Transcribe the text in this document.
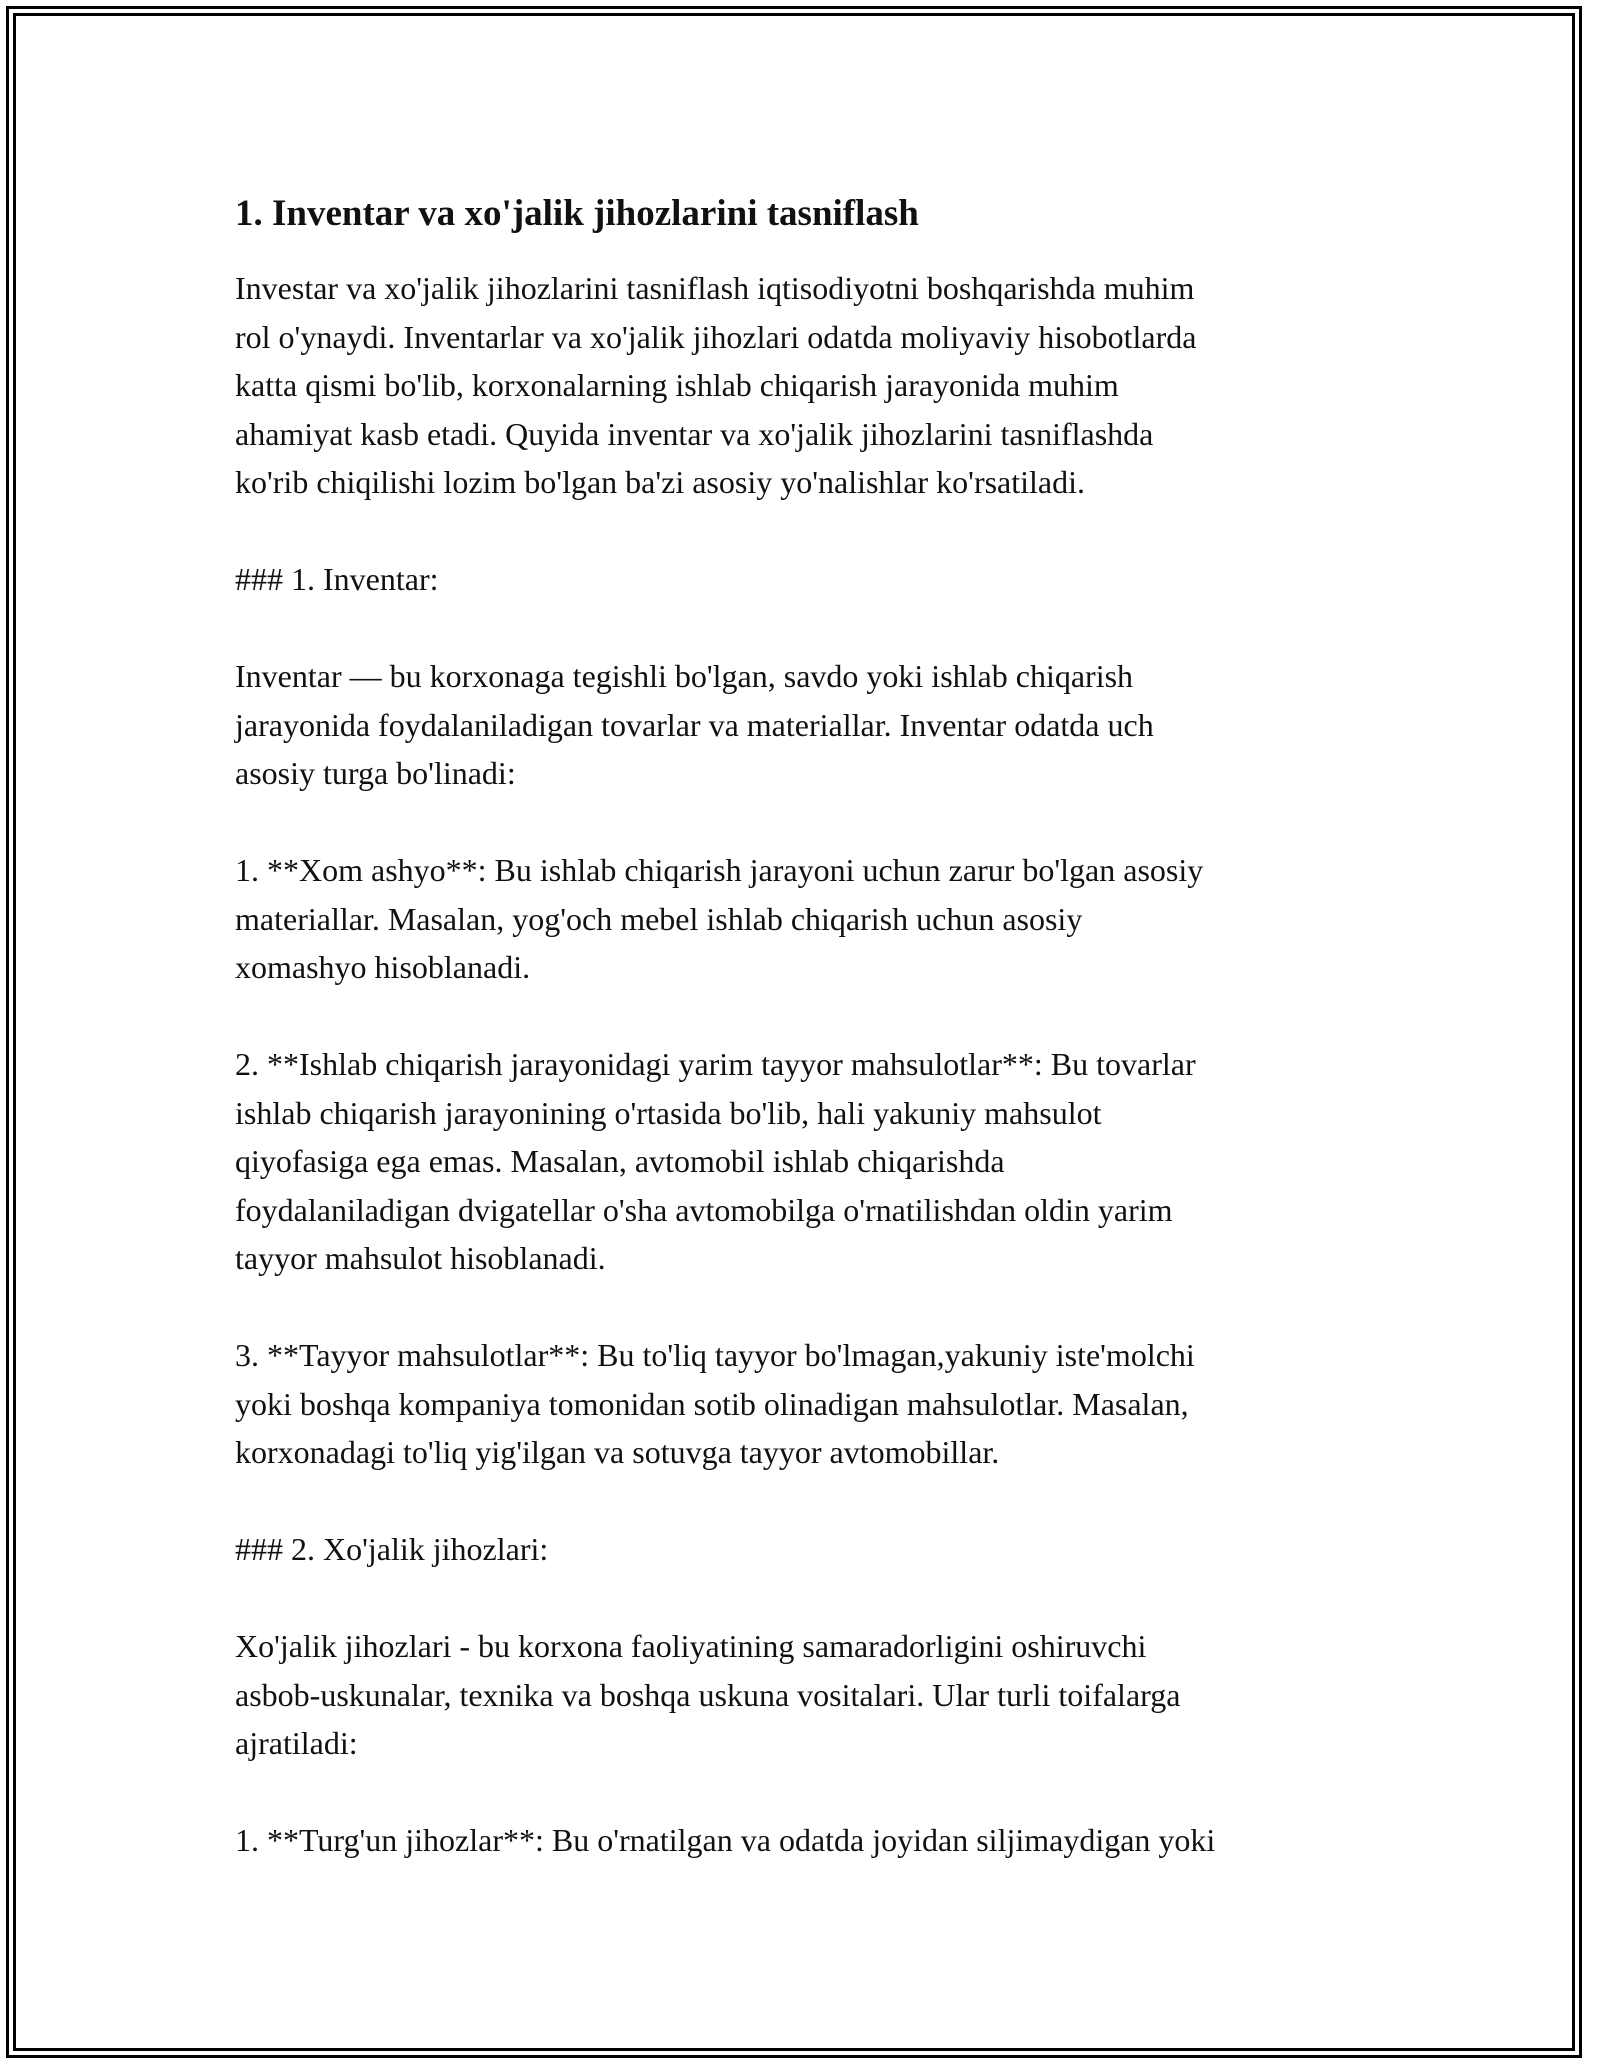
1. Inventar va xo'jalik jihozlarini tasniflash
Investar va xo'jalik jihozlarini tasniflash iqtisodiyotni boshqarishda muhim
rol o'ynaydi. Inventarlar va xo'jalik jihozlari odatda moliyaviy hisobotlarda
katta qismi bo'lib, korxonalarning ishlab chiqarish jarayonida muhim
ahamiyat kasb etadi. Quyida inventar va xo'jalik jihozlarini tasniflashda
ko'rib chiqilishi lozim bo'lgan ba'zi asosiy yo'nalishlar ko'rsatiladi.
### 1. Inventar:
Inventar — bu korxonaga tegishli bo'lgan, savdo yoki ishlab chiqarish
jarayonida foydalaniladigan tovarlar va materiallar. Inventar odatda uch
asosiy turga bo'linadi:
1. **Xom ashyo**: Bu ishlab chiqarish jarayoni uchun zarur bo'lgan asosiy
materiallar. Masalan, yog'och mebel ishlab chiqarish uchun asosiy
xomashyo hisoblanadi.
2. **Ishlab chiqarish jarayonidagi yarim tayyor mahsulotlar**: Bu tovarlar
ishlab chiqarish jarayonining o'rtasida bo'lib, hali yakuniy mahsulot
qiyofasiga ega emas. Masalan, avtomobil ishlab chiqarishda
foydalaniladigan dvigatellar o'sha avtomobilga o'rnatilishdan oldin yarim
tayyor mahsulot hisoblanadi.
3. **Tayyor mahsulotlar**: Bu to'liq tayyor bo'lmagan,yakuniy iste'molchi
yoki boshqa kompaniya tomonidan sotib olinadigan mahsulotlar. Masalan,
korxonadagi to'liq yig'ilgan va sotuvga tayyor avtomobillar.
### 2. Xo'jalik jihozlari:
Xo'jalik jihozlari - bu korxona faoliyatining samaradorligini oshiruvchi
asbob-uskunalar, texnika va boshqa uskuna vositalari. Ular turli toifalarga
ajratiladi:
1. **Turg'un jihozlar**: Bu o'rnatilgan va odatda joyidan siljimaydigan yoki
